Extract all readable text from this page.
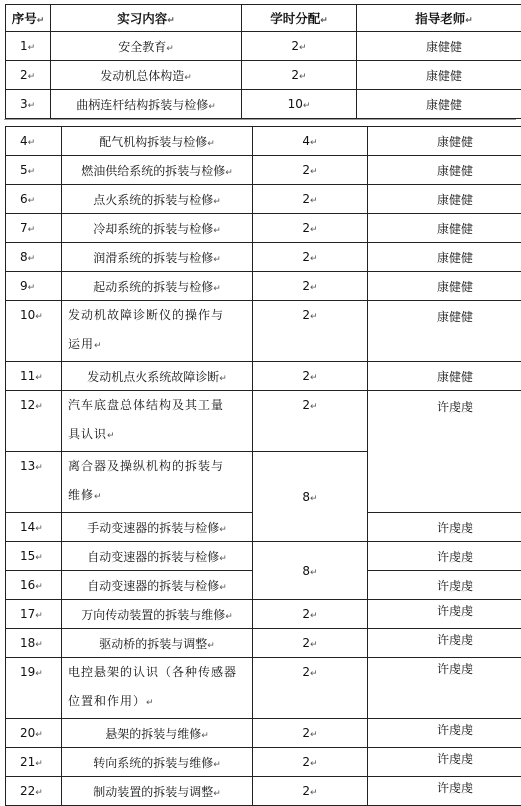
序号↵	实习内容↵	学时分配↵	指导老师↵
1↵	安全教育↵	2↵	康健健
2↵	发动机总体构造↵	2↵	康健健
3↵	曲柄连杆结构拆装与检修↵	10↵	康健健
4↵	配气机构拆装与检修↵	4↵	康健健
5↵	燃油供给系统的拆装与检修↵	2↵	康健健
6↵	点火系统的拆装与检修↵	2↵	康健健
7↵	冷却系统的拆装与检修↵	2↵	康健健
8↵	润滑系统的拆装与检修↵	2↵	康健健
9↵	起动系统的拆装与检修↵	2↵	康健健
10↵	发动机故障诊断仪的操作与
运用↵	2↵	康健健
11↵	发动机点火系统故障诊断↵	2↵	康健健
12↵	汽车底盘总体结构及其工量
具认识↵	2↵	许虔虔
13↵	离合器及操纵机构的拆装与
维修↵	8↵	
14↵	手动变速器的拆装与检修↵		许虔虔
15↵	自动变速器的拆装与检修↵	8↵	许虔虔
16↵	自动变速器的拆装与检修↵		许虔虔
17↵	万向传动装置的拆装与维修↵	2↵	许虔虔
18↵	驱动桥的拆装与调整↵	2↵	许虔虔
19↵	电控悬架的认识（各种传感器
位置和作用）↵	2↵	许虔虔
20↵	悬架的拆装与维修↵	2↵	许虔虔
21↵	转向系统的拆装与维修↵	2↵	许虔虔
22↵	制动装置的拆装与调整↵	2↵	许虔虔
